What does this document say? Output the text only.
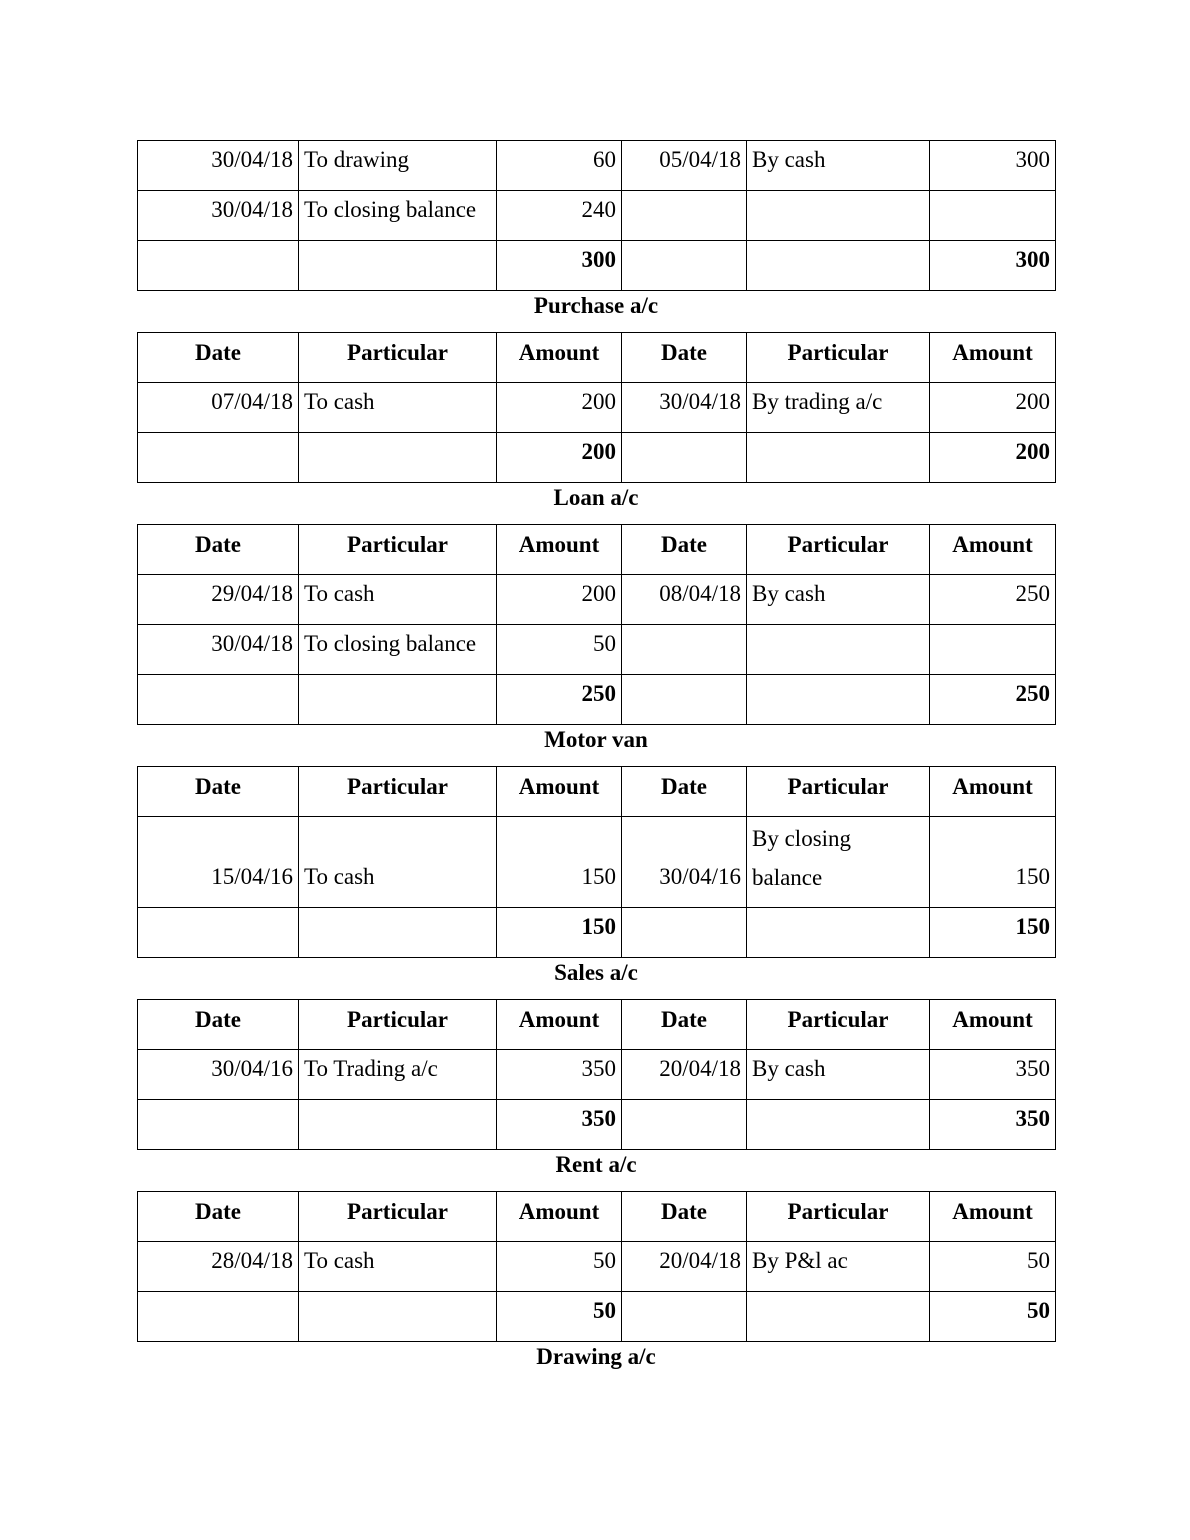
30/04/18	To drawing	60	05/04/18	By cash	300
30/04/18	To closing balance	240			
		300			300
Purchase a/c
Date	Particular	Amount	Date	Particular	Amount
07/04/18	To cash	200	30/04/18	By trading a/c	200
		200			200
Loan a/c
Date	Particular	Amount	Date	Particular	Amount
29/04/18	To cash	200	08/04/18	By cash	250
30/04/18	To closing balance	50			
		250			250
Motor van
Date	Particular	Amount	Date	Particular	Amount
15/04/16	To cash	150	30/04/16	By closing balance	150
		150			150
Sales a/c
Date	Particular	Amount	Date	Particular	Amount
30/04/16	To Trading a/c	350	20/04/18	By cash	350
		350			350
Rent a/c
Date	Particular	Amount	Date	Particular	Amount
28/04/18	To cash	50	20/04/18	By P&l ac	50
		50			50
Drawing a/c
